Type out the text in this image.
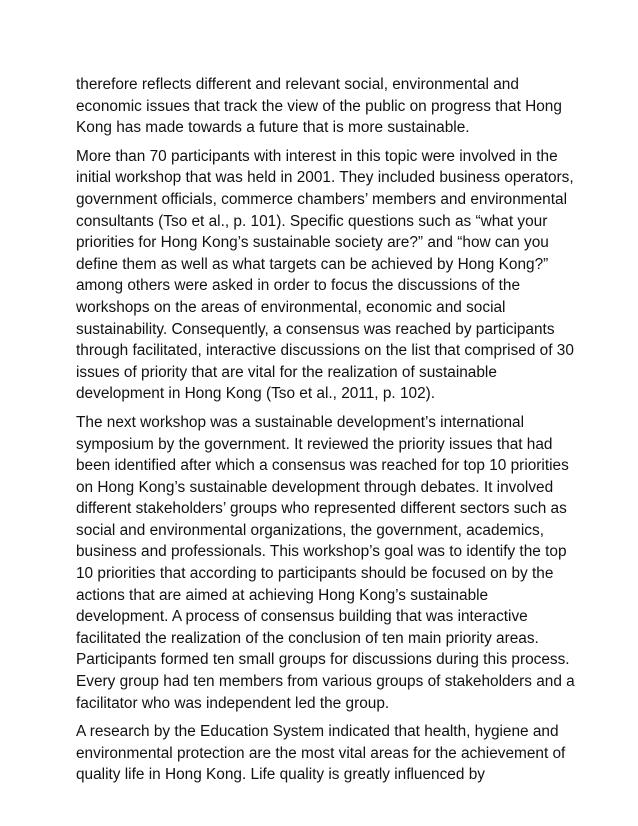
therefore reflects different and relevant social, environmental and economic issues that track the view of the public on progress that Hong Kong has made towards a future that is more sustainable.

More than 70 participants with interest in this topic were involved in the initial workshop that was held in 2001. They included business operators, government officials, commerce chambers’ members and environmental consultants (Tso et al., p. 101). Specific questions such as “what your priorities for Hong Kong’s sustainable society are?” and “how can you define them as well as what targets can be achieved by Hong Kong?” among others were asked in order to focus the discussions of the workshops on the areas of environmental, economic and social sustainability. Consequently, a consensus was reached by participants through facilitated, interactive discussions on the list that comprised of 30 issues of priority that are vital for the realization of sustainable development in Hong Kong (Tso et al., 2011, p. 102).

The next workshop was a sustainable development’s international symposium by the government. It reviewed the priority issues that had been identified after which a consensus was reached for top 10 priorities on Hong Kong’s sustainable development through debates. It involved different stakeholders’ groups who represented different sectors such as social and environmental organizations, the government, academics, business and professionals. This workshop’s goal was to identify the top 10 priorities that according to participants should be focused on by the actions that are aimed at achieving Hong Kong’s sustainable development. A process of consensus building that was interactive facilitated the realization of the conclusion of ten main priority areas. Participants formed ten small groups for discussions during this process. Every group had ten members from various groups of stakeholders and a facilitator who was independent led the group.

A research by the Education System indicated that health, hygiene and environmental protection are the most vital areas for the achievement of quality life in Hong Kong. Life quality is greatly influenced by
